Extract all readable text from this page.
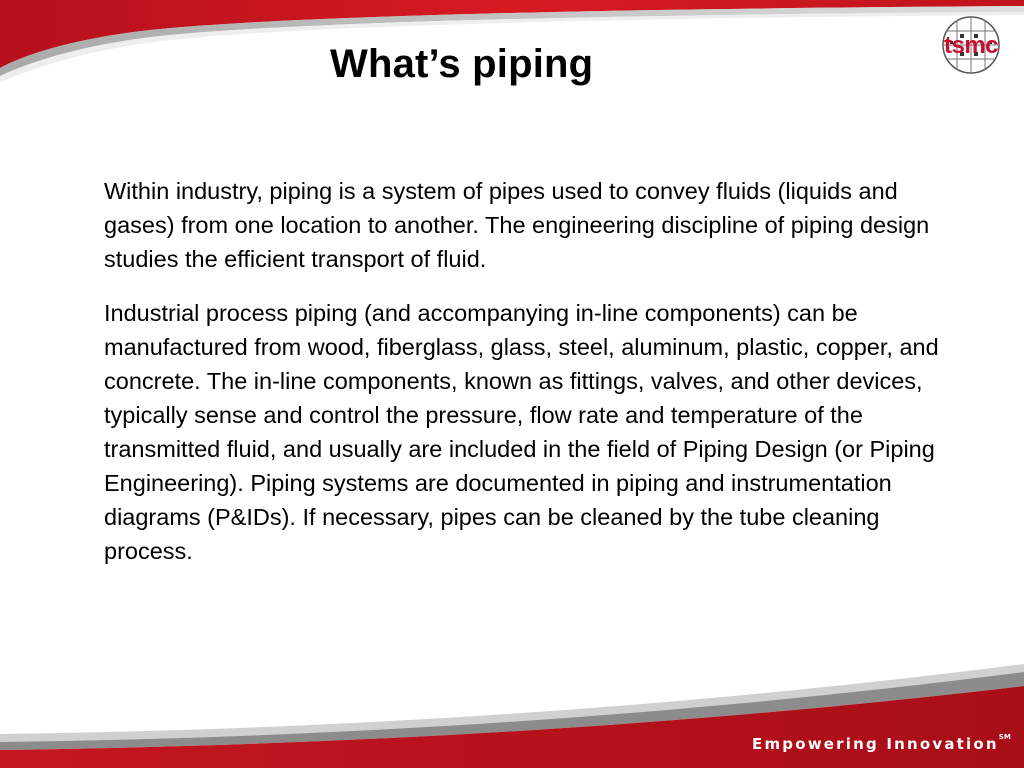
What’s piping	tsmc

Within industry, piping is a system of pipes used to convey fluids (liquids and gases) from one location to another. The engineering discipline of piping design studies the efficient transport of fluid.

Industrial process piping (and accompanying in-line components) can be manufactured from wood, fiberglass, glass, steel, aluminum, plastic, copper, and concrete. The in-line components, known as fittings, valves, and other devices, typically sense and control the pressure, flow rate and temperature of the transmitted fluid, and usually are included in the field of Piping Design (or Piping Engineering). Piping systems are documented in piping and instrumentation diagrams (P&IDs). If necessary, pipes can be cleaned by the tube cleaning process.

Empowering Innovation℠
